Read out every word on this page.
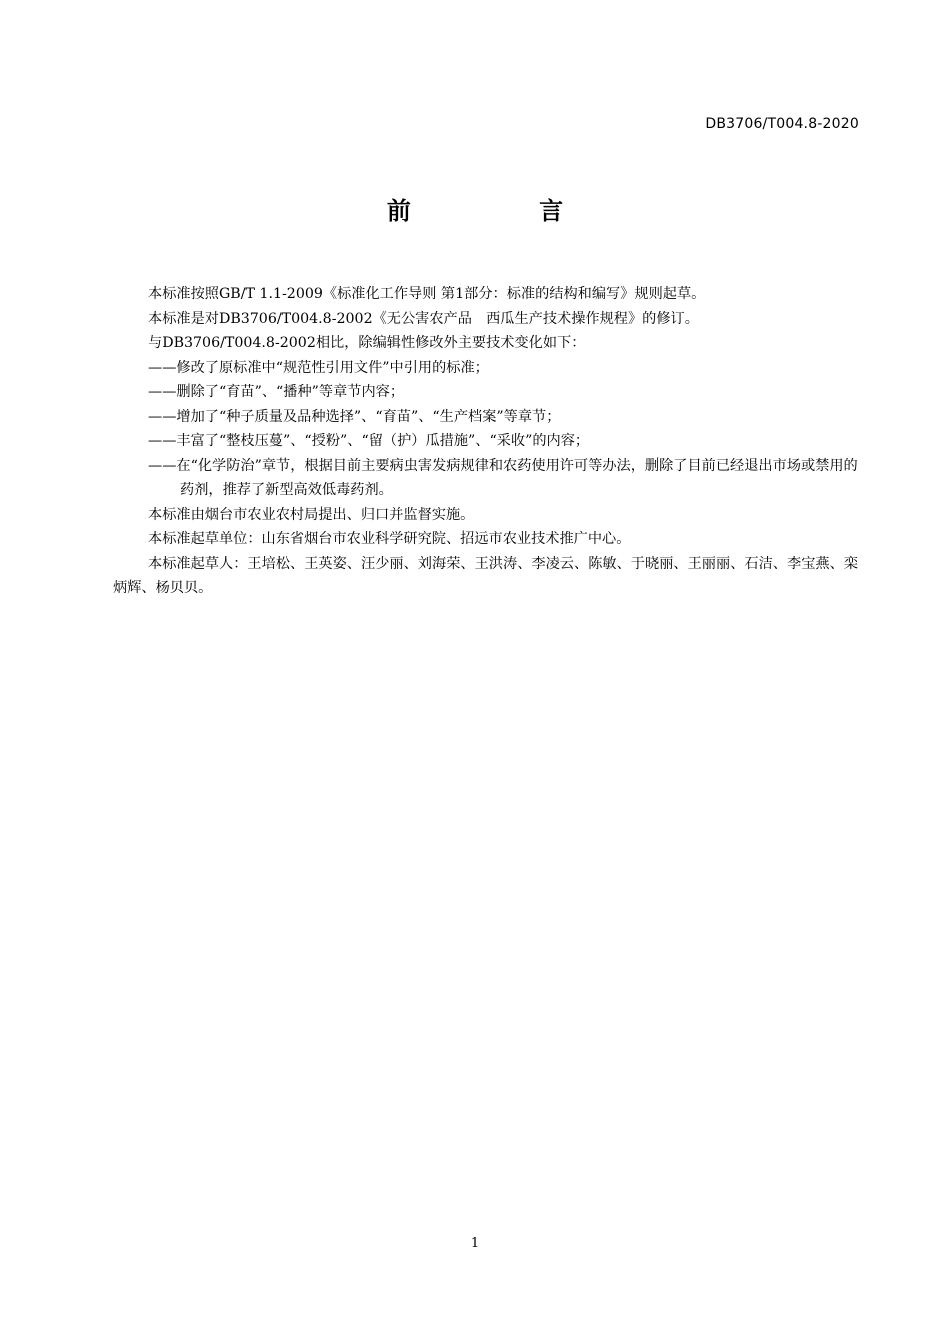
DB3706/T004.8-2020
前 言

本标准按照GB/T 1.1-2009《标准化工作导则 第1部分：标准的结构和编写》规则起草。

本标准是对DB3706/T004.8-2002《无公害农产品　西瓜生产技术操作规程》的修订。

与DB3706/T004.8-2002相比，除编辑性修改外主要技术变化如下：

——修改了原标准中“规范性引用文件”中引用的标准；

——删除了“育苗”、“播种”等章节内容；

——增加了“种子质量及品种选择”、“育苗”、“生产档案”等章节；

——丰富了“整枝压蔓”、“授粉”、“留（护）瓜措施”、“采收”的内容；

——在“化学防治”章节，根据目前主要病虫害发病规律和农药使用许可等办法，删除了目前已经退出市场或禁用的药剂，推荐了新型高效低毒药剂。

本标准由烟台市农业农村局提出、归口并监督实施。

本标准起草单位：山东省烟台市农业科学研究院、招远市农业技术推广中心。

本标准起草人：王培松、王英姿、汪少丽、刘海荣、王洪涛、李凌云、陈敏、于晓丽、王丽丽、石洁、李宝燕、栾炳辉、杨贝贝。

1
